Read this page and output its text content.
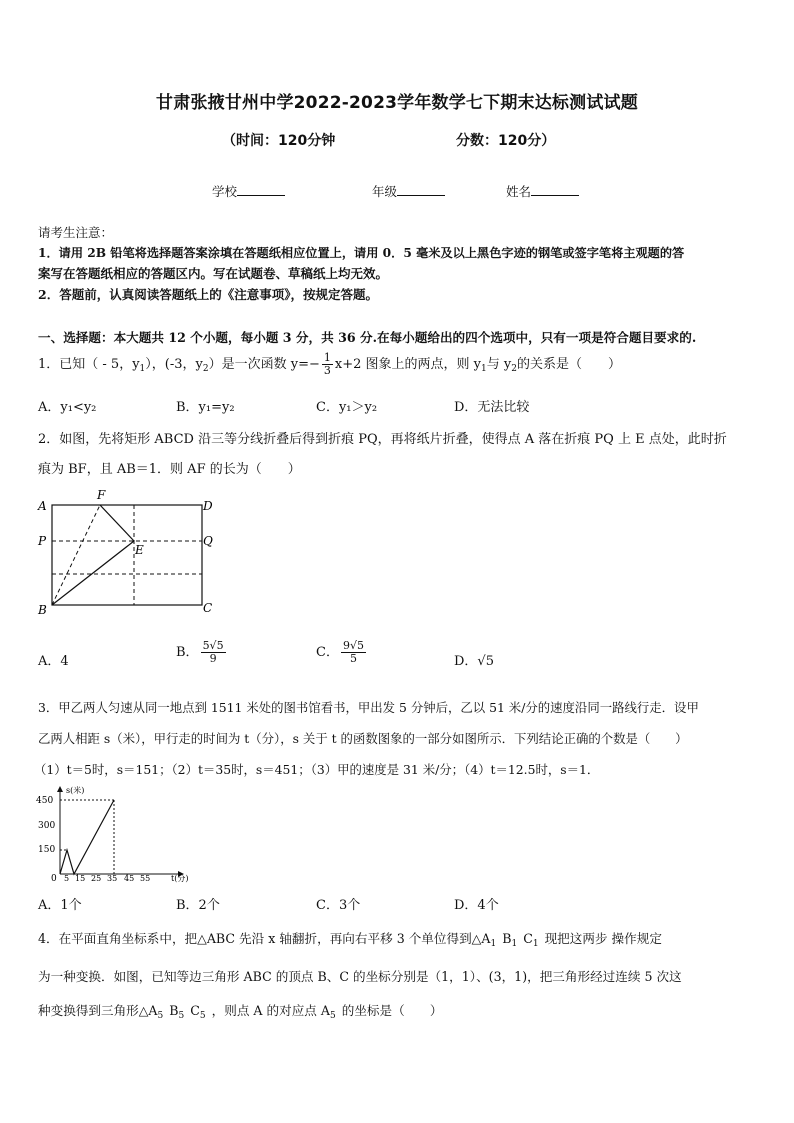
甘肃张掖甘州中学2022-2023学年数学七下期末达标测试试题
（时间：120分钟	分数：120分）
学校	年级	姓名
请考生注意：
1．请用 2B 铅笔将选择题答案涂填在答题纸相应位置上，请用 0．5 毫米及以上黑色字迹的钢笔或签字笔将主观题的答
案写在答题纸相应的答题区内。写在试题卷、草稿纸上均无效。
2．答题前，认真阅读答题纸上的《注意事项》，按规定答题。
一、选择题：本大题共 12 个小题，每小题 3 分，共 36 分.在每小题给出的四个选项中，只有一项是符合题目要求的.
1．已知（ - 5，$y_1$），(-3，$y_2$）是一次函数 $y=- \frac{1}{3} x+2$ 图象上的两点，则 $y_1$与 $y_2$的关系是（　　）
A．y₁<y₂	B．y₁=y₂	C．y₁＞y₂	D．无法比较
2．如图，先将矩形 ABCD 沿三等分线折叠后得到折痕 PQ，再将纸片折叠，使得点 A 落在折痕 PQ 上 E 点处，此时折
痕为 BF，且 AB＝1．则 AF 的长为（　　）
A
B	C
D
F
E
P	Q
A．4
B． $\frac{5√5}{9}$	C． $\frac{9√5}{5}$	D．√5
3．甲乙两人匀速从同一地点到 1511 米处的图书馆看书，甲出发 5 分钟后，乙以 51 米/分的速度沿同一路线行走．设甲
乙两人相距 s（米），甲行走的时间为 t（分），s 关于 t 的函数图象的一部分如图所示．下列结论正确的个数是（　　）
（1）t＝5时，s＝151；（2）t＝35时，s＝451；（3）甲的速度是 31 米/分；（4）t＝12.5时，s＝1．
s(米)
t(分)
450
300
150
0 5 15 25 35 45 55
A．1个	B．2个	C．3个	D．4个
4．在平面直角坐标系中，把△ABC 先沿 x 轴翻折，再向右平移 3 个单位得到$\triangle A_1$ $B_1$ $C_1$ 现把这两步 操作规定
为一种变换．如图，已知等边三角形 ABC 的顶点 B、C 的坐标分别是（1，1）、(3，1)，把三角形经过连续 5 次这
种变换得到三角形$\triangle A_5$ $B_5$ $C_5$ ，则点 A 的对应点 $A_5$ 的坐标是（　　）
